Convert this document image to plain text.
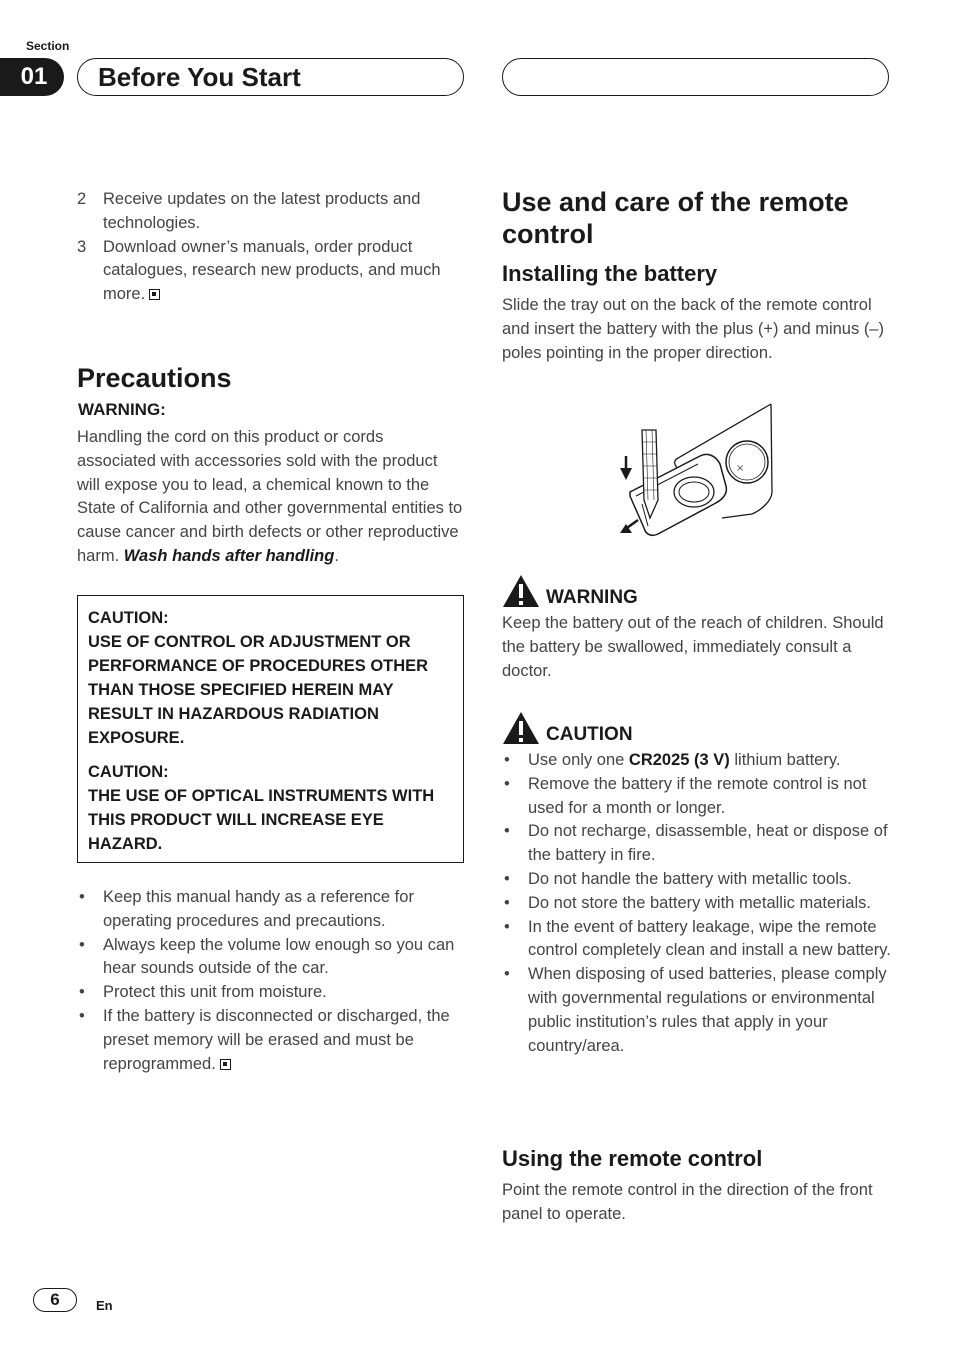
Section
01	Before You Start
2 Receive updates on the latest products and technologies.
3 Download owner’s manuals, order product catalogues, research new products, and much more.
Precautions
WARNING:
Handling the cord on this product or cords associated with accessories sold with the product will expose you to lead, a chemical known to the State of California and other governmental entities to cause cancer and birth defects or other reproductive harm. Wash hands after handling.

CAUTION:

USE OF CONTROL OR ADJUSTMENT OR PERFORMANCE OF PROCEDURES OTHER THAN THOSE SPECIFIED HEREIN MAY RESULT IN HAZARDOUS RADIATION EXPOSURE.

CAUTION:

THE USE OF OPTICAL INSTRUMENTS WITH THIS PRODUCT WILL INCREASE EYE HAZARD.

• Keep this manual handy as a reference for operating procedures and precautions.
• Always keep the volume low enough so you can hear sounds outside of the car.
• Protect this unit from moisture.
• If the battery is disconnected or discharged, the preset memory will be erased and must be reprogrammed.
Use and care of the remote control
Installing the battery
Slide the tray out on the back of the remote control and insert the battery with the plus (+) and minus (–) poles pointing in the proper direction.
×
WARNING
Keep the battery out of the reach of children. Should the battery be swallowed, immediately consult a doctor.
CAUTION
• Use only one CR2025 (3 V) lithium battery.
• Remove the battery if the remote control is not used for a month or longer.
• Do not recharge, disassemble, heat or dispose of the battery in fire.
• Do not handle the battery with metallic tools.
• Do not store the battery with metallic materials.
• In the event of battery leakage, wipe the remote control completely clean and install a new battery.
• When disposing of used batteries, please comply with governmental regulations or environmental public institution’s rules that apply in your country/area.
Using the remote control
Point the remote control in the direction of the front panel to operate.
6	En
